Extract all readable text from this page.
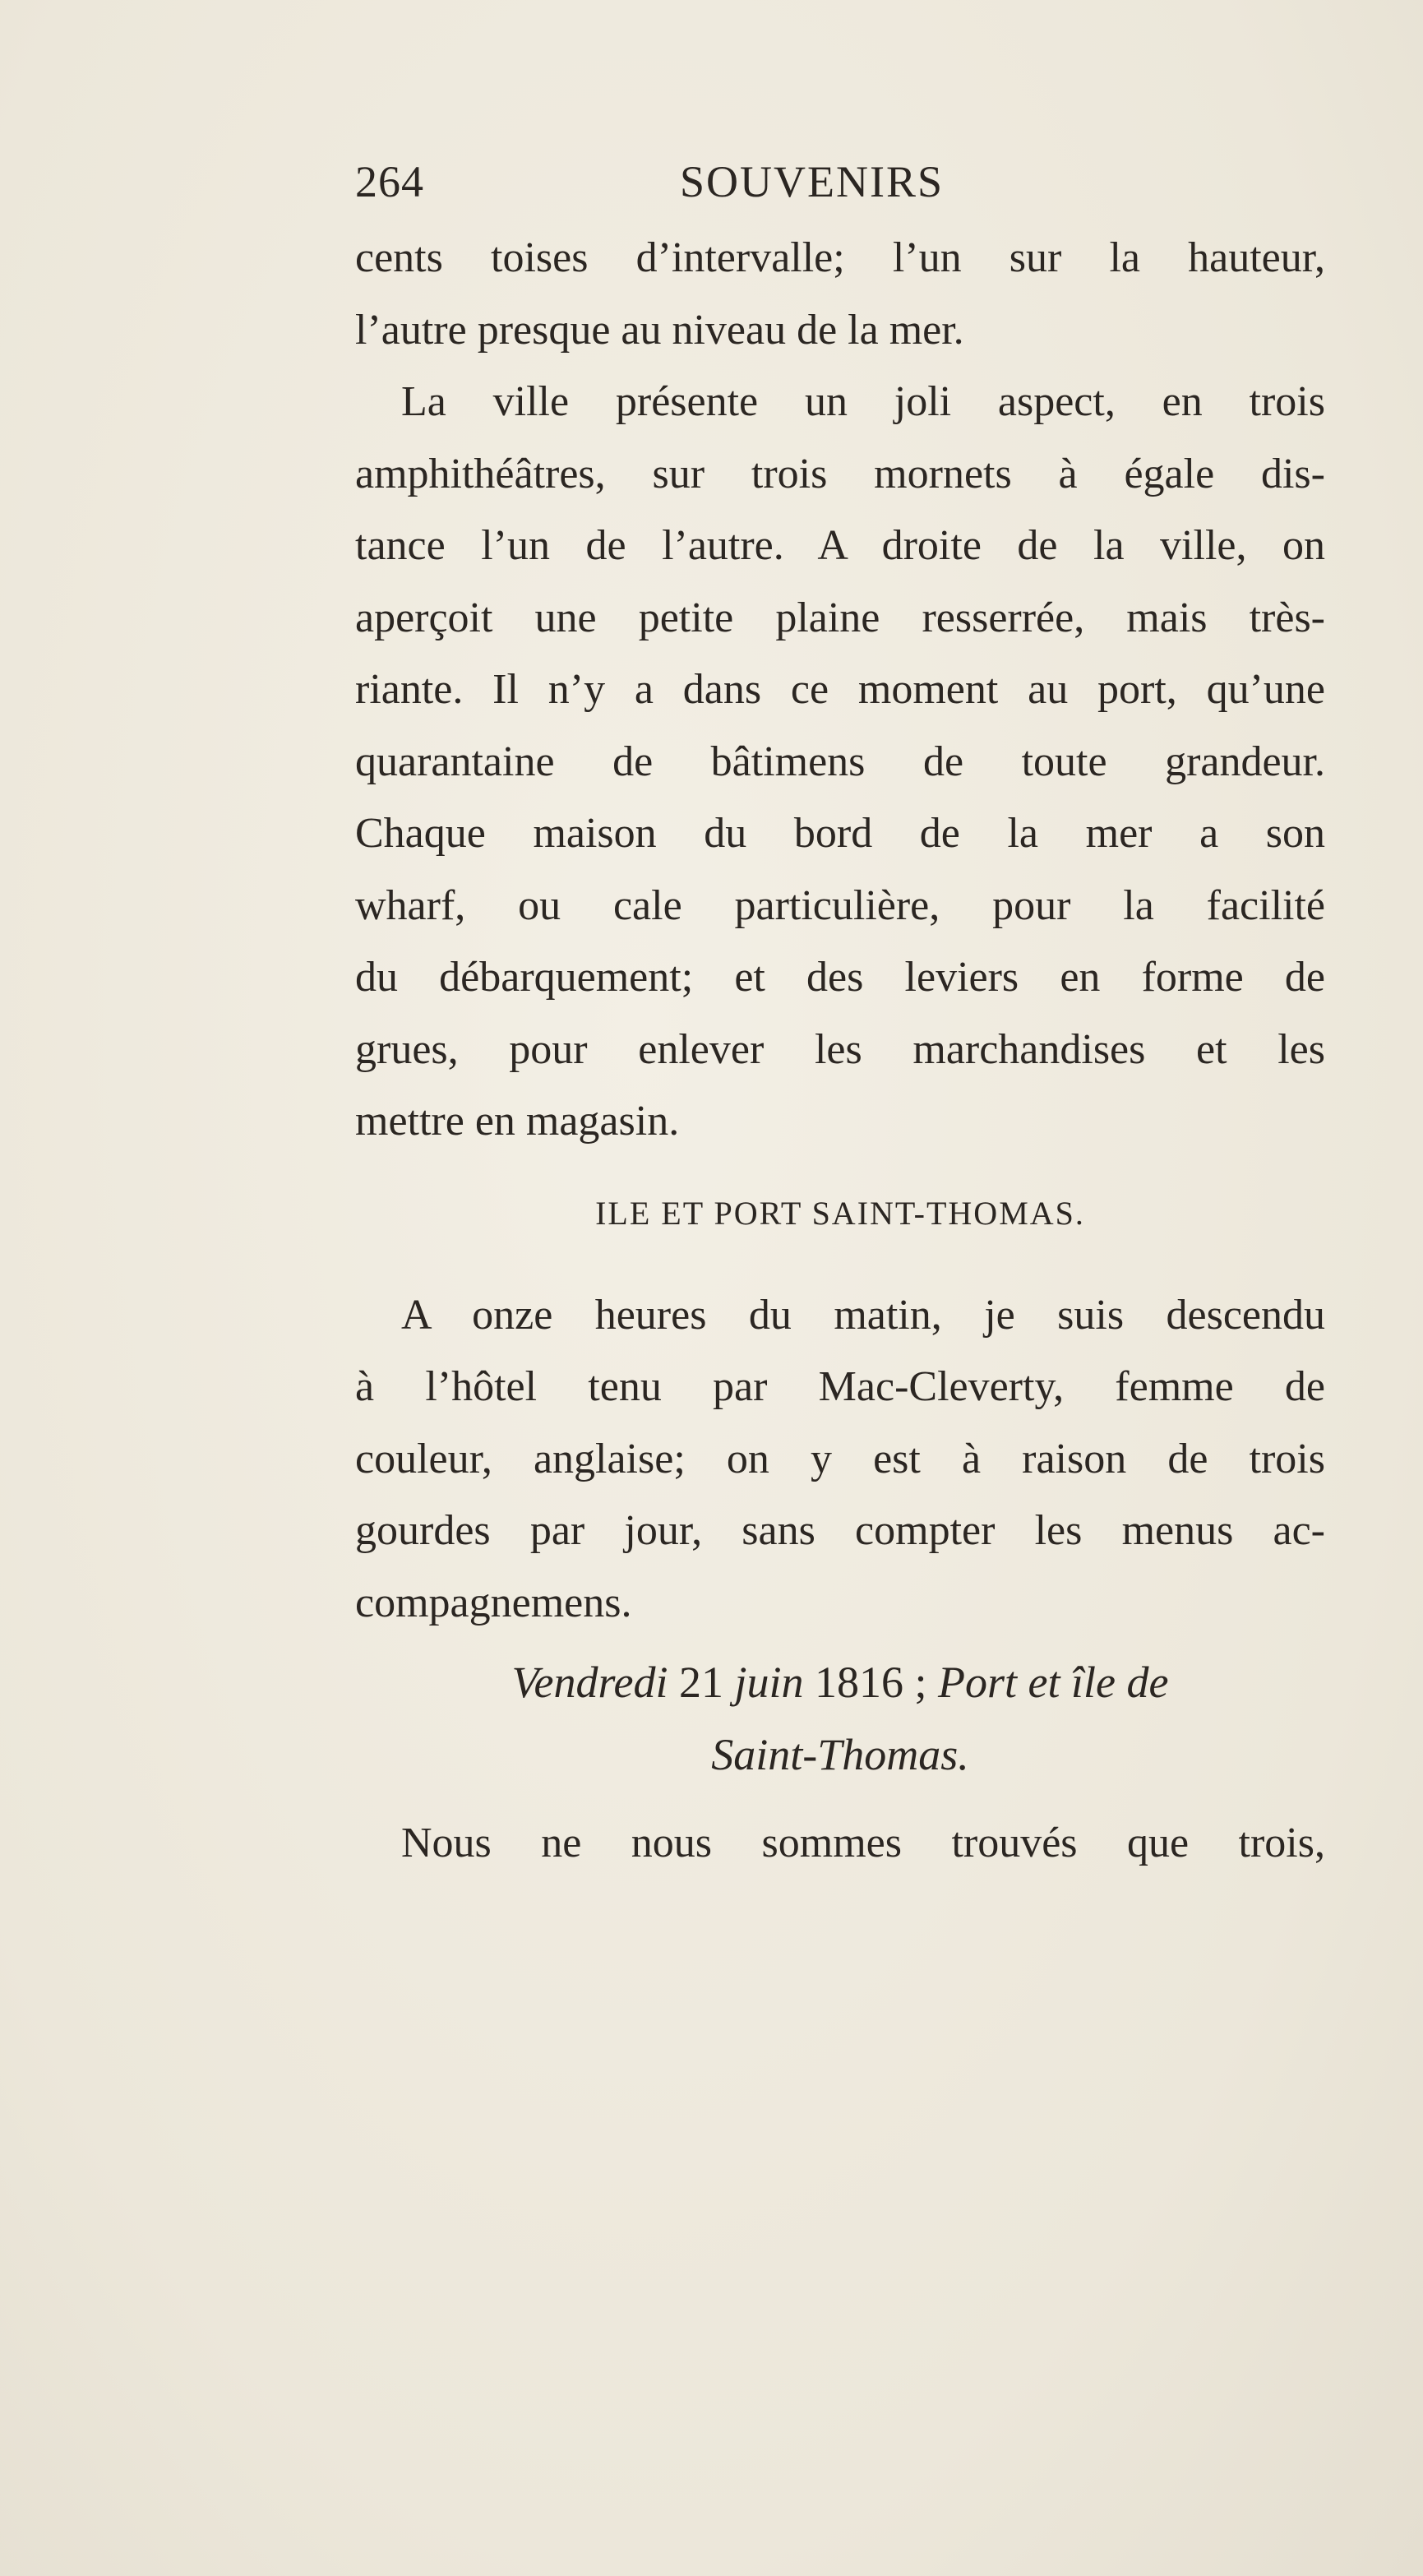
264	SOUVENIRS

cents toises d’intervalle; l’un sur la hauteur,

l’autre presque au niveau de la mer.

La ville présente un joli aspect, en trois

amphithéâtres, sur trois mornets à égale dis-

tance l’un de l’autre. A droite de la ville, on

aperçoit une petite plaine resserrée, mais très-

riante. Il n’y a dans ce moment au port, qu’une

quarantaine de bâtimens de toute grandeur.

Chaque maison du bord de la mer a son

wharf, ou cale particulière, pour la facilité

du débarquement; et des leviers en forme de

grues, pour enlever les marchandises et les

mettre en magasin.

ILE ET PORT SAINT-THOMAS.

A onze heures du matin, je suis descendu

à l’hôtel tenu par Mac-Cleverty, femme de

couleur, anglaise; on y est à raison de trois

gourdes par jour, sans compter les menus ac-

compagnemens.

Vendredi 21 juin 1816 ; Port et île de
Saint-Thomas.

Nous ne nous sommes trouvés que trois,
